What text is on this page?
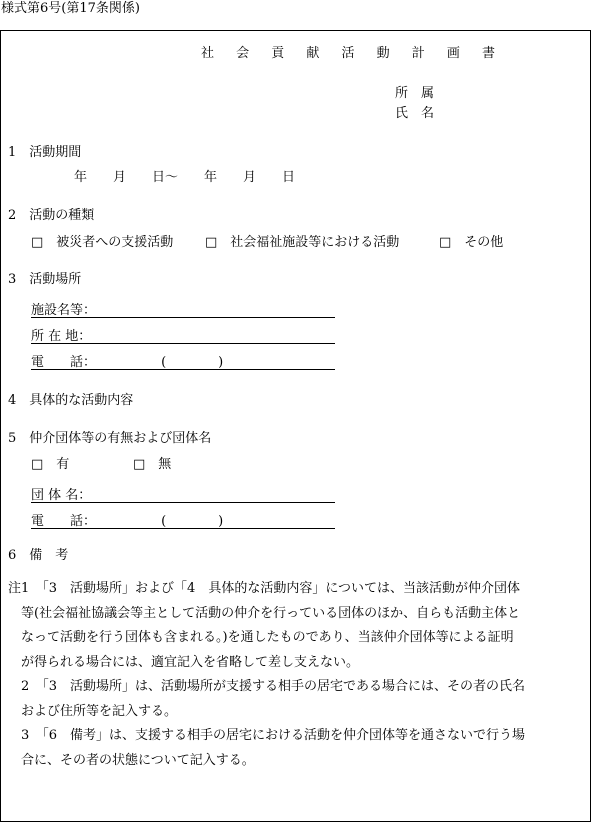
様式第6号(第17条関係)
社 会 貢 献 活 動 計 画 書
所　属
氏　名
1　活動期間
年　　月　　日〜　　年　　月　　日
2　活動の種類
□　被災者への支援活動 □　社会福祉施設等における活動	□　その他
3　活動場所
施設名等：
所 在 地：
電　　話：	(　　　　)
4　具体的な活動内容
5　仲介団体等の有無および団体名
□　有	□　無
団 体 名：
電　　話：	(　　　　)
6　備　考

注1　「3　活動場所」および「4　具体的な活動内容」については、当該活動が仲介団体

　等(社会福祉協議会等主として活動の仲介を行っている団体のほか、自らも活動主体と

　なって活動を行う団体も含まれる。)を通したものであり、当該仲介団体等による証明

　が得られる場合には、適宜記入を省略して差し支えない。

　2　「3　活動場所」は、活動場所が支援する相手の居宅である場合には、その者の氏名

　および住所等を記入する。

　3　「6　備考」は、支援する相手の居宅における活動を仲介団体等を通さないで行う場

　合に、その者の状態について記入する。
